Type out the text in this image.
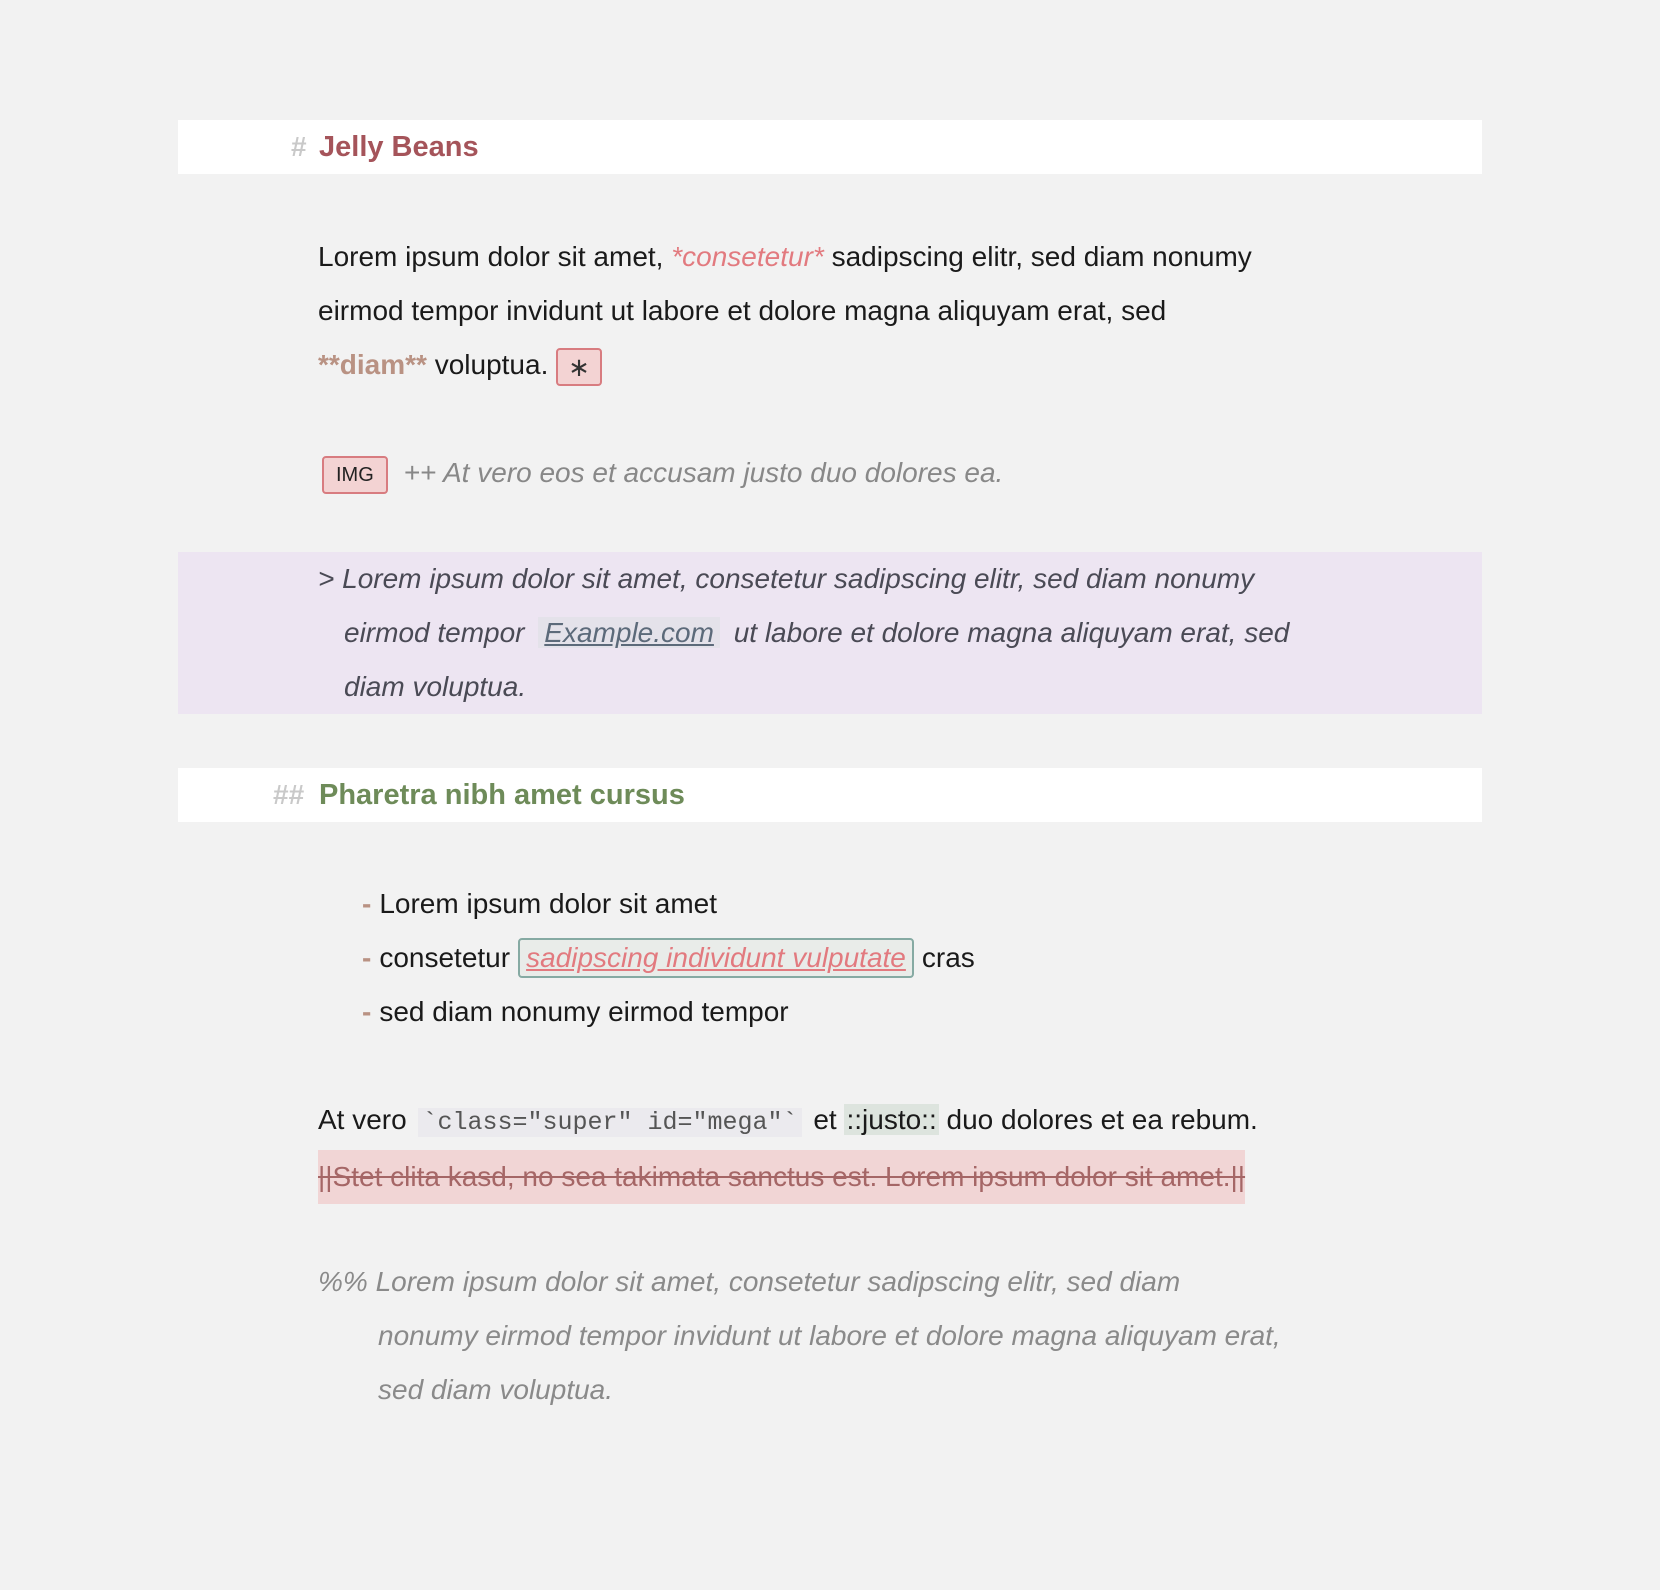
# Jelly Beans

Lorem ipsum dolor sit amet, *consetetur* sadipscing elitr, sed diam nonumy

eirmod tempor invidunt ut labore et dolore magna aliquyam erat, sed

**diam** voluptua. ∗

IMG ++ At vero eos et accusam justo duo dolores ea.

> Lorem ipsum dolor sit amet, consetetur sadipscing elitr, sed diam nonumy

eirmod tempor Example.com ut labore et dolore magna aliquyam erat, sed

diam voluptua.

## Pharetra nibh amet cursus
- Lorem ipsum dolor sit amet
- consetetur sadipscing individunt vulputate cras
- sed diam nonumy eirmod tempor

At vero `class="super" id="mega"` et ::justo:: duo dolores et ea rebum.

||Stet clita kasd, no sea takimata sanctus est. Lorem ipsum dolor sit amet.||

%% Lorem ipsum dolor sit amet, consetetur sadipscing elitr, sed diam

nonumy eirmod tempor invidunt ut labore et dolore magna aliquyam erat,

sed diam voluptua.
